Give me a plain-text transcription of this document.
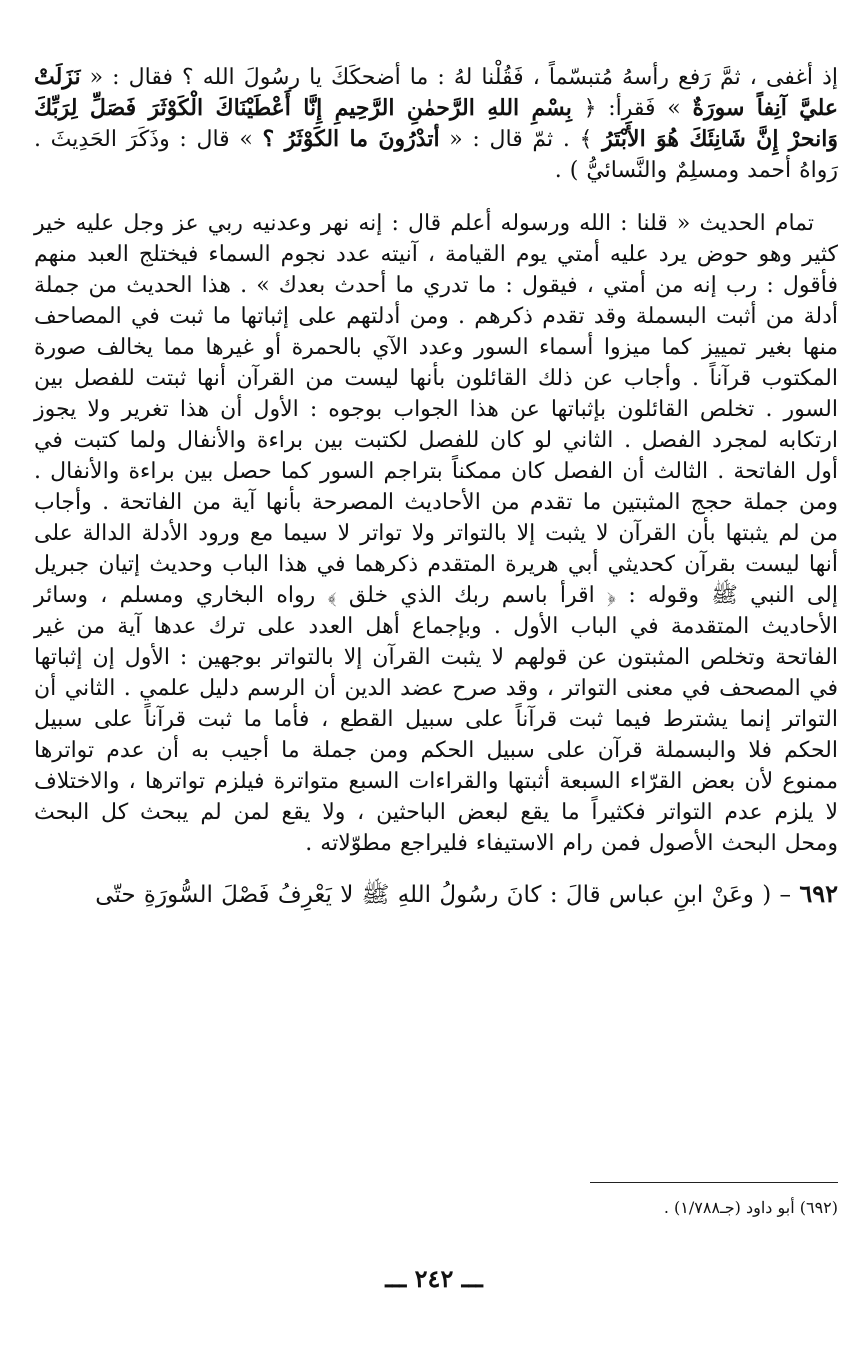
إذ أغفى ، ثمَّ رَفع رأسهُ مُتبسّماً ، فَقُلْنا لهُ : ما أضحكَكَ يا رسُولَ الله ؟ فقال : « نَزَلَتْ عليَّ آنِفاً سورَةٌ » فَقرأ: ﴿ بِسْمِ اللهِ الرَّحمٰنِ الرَّحِيمِ إِنَّا أَعْطَيْنَاكَ الْكَوْثَرَ فَصَلِّ لِرَبِّكَ وَانحرْ إِنَّ شَانِئَكَ هُوَ الأَبْتَرُ ﴾ . ثمّ قال : « أتدْرُونَ ما الكَوْثَرُ ؟ » قال : وذَكَرَ الحَدِيثَ . رَواهُ أحمد ومسلِمٌ والنَّسائيُّ ) .

تمام الحديث « قلنا : الله ورسوله أعلم قال : إنه نهر وعدنيه ربي عز وجل عليه خير كثير وهو حوض يرد عليه أمتي يوم القيامة ، آنيته عدد نجوم السماء فيختلج العبد منهم فأقول : رب إنه من أمتي ، فيقول : ما تدري ما أحدث بعدك » . هذا الحديث من جملة أدلة من أثبت البسملة وقد تقدم ذكرهم . ومن أدلتهم على إثباتها ما ثبت في المصاحف منها بغير تمييز كما ميزوا أسماء السور وعدد الآي بالحمرة أو غيرها مما يخالف صورة المكتوب قرآناً . وأجاب عن ذلك القائلون بأنها ليست من القرآن أنها ثبتت للفصل بين السور . تخلص القائلون بإثباتها عن هذا الجواب بوجوه : الأول أن هذا تغرير ولا يجوز ارتكابه لمجرد الفصل . الثاني لو كان للفصل لكتبت بين براءة والأنفال ولما كتبت في أول الفاتحة . الثالث أن الفصل كان ممكناً بتراجم السور كما حصل بين براءة والأنفال . ومن جملة حجج المثبتين ما تقدم من الأحاديث المصرحة بأنها آية من الفاتحة . وأجاب من لم يثبتها بأن القرآن لا يثبت إلا بالتواتر ولا تواتر لا سيما مع ورود الأدلة الدالة على أنها ليست بقرآن كحديثي أبي هريرة المتقدم ذكرهما في هذا الباب وحديث إتيان جبريل إلى النبي ﷺ وقوله : ﴿ اقرأ باسم ربك الذي خلق ﴾ رواه البخاري ومسلم ، وسائر الأحاديث المتقدمة في الباب الأول . وبإجماع أهل العدد على ترك عدها آية من غير الفاتحة وتخلص المثبتون عن قولهم لا يثبت القرآن إلا بالتواتر بوجهين : الأول إن إثباتها في المصحف في معنى التواتر ، وقد صرح عضد الدين أن الرسم دليل علمي . الثاني أن التواتر إنما يشترط فيما ثبت قرآناً على سبيل القطع ، فأما ما ثبت قرآناً على سبيل الحكم فلا والبسملة قرآن على سبيل الحكم ومن جملة ما أجيب به أن عدم تواترها ممنوع لأن بعض القرّاء السبعة أثبتها والقراءات السبع متواترة فيلزم تواترها ، والاختلاف لا يلزم عدم التواتر فكثيراً ما يقع لبعض الباحثين ، ولا يقع لمن لم يبحث كل البحث ومحل البحث الأصول فمن رام الاستيفاء فليراجع مطوّلاته .

٦٩٢ – ( وعَنْ ابنِ عباس قالَ : كانَ رسُولُ اللهِ ﷺ لا يَعْرِفُ فَصْلَ السُّورَةِ حتّى

(٦٩٢) أبو داود (جـ١/٧٨٨) .
ـــ ٢٤٢ ـــ
